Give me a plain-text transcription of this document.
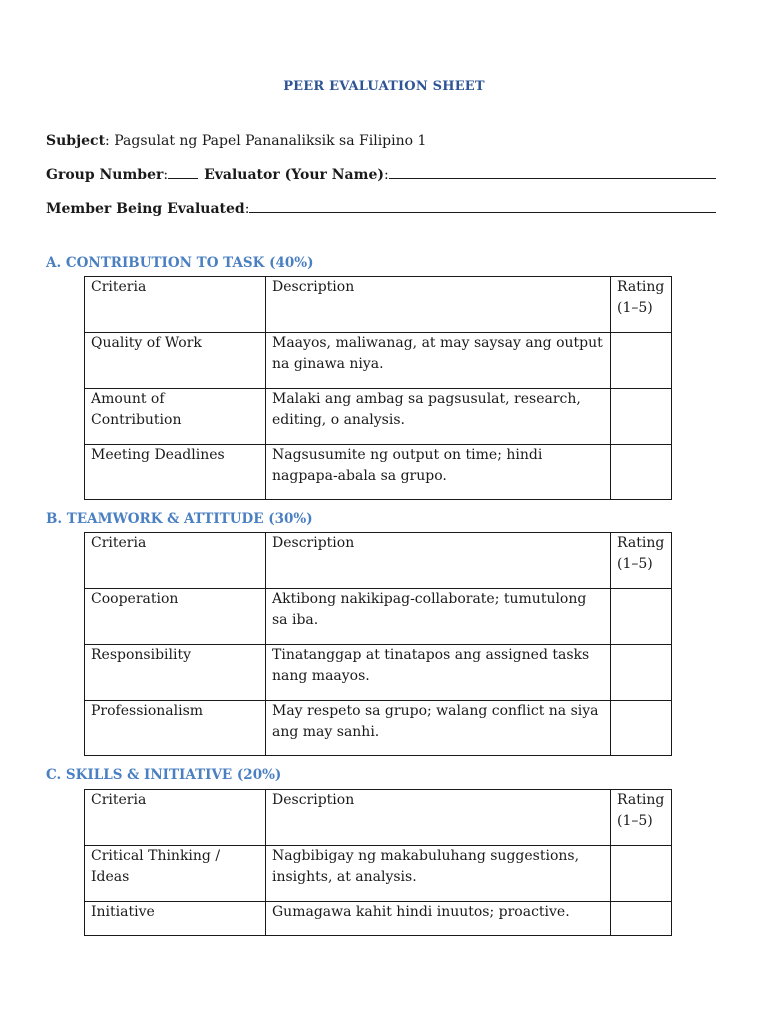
PEER EVALUATION SHEET
Subject : Pagsulat ng Papel Pananaliksik sa Filipino 1
Group Number :	Evaluator (Your Name) :
Member Being Evaluated :
A. CONTRIBUTION TO TASK (40%)
Criteria	Description	Rating (1–5)
Quality of Work	Maayos, maliwanag, at may saysay ang output na ginawa niya.	
Amount of Contribution	Malaki ang ambag sa pagsusulat, research, editing, o analysis.	
Meeting Deadlines	Nagsusumite ng output on time; hindi nagpapa-abala sa grupo.	
B. TEAMWORK & ATTITUDE (30%)
Criteria	Description	Rating (1–5)
Cooperation	Aktibong nakikipag-collaborate; tumutulong sa iba.	
Responsibility	Tinatanggap at tinatapos ang assigned tasks nang maayos.	
Professionalism	May respeto sa grupo; walang conflict na siya ang may sanhi.	
C. SKILLS & INITIATIVE (20%)
Criteria	Description	Rating (1–5)
Critical Thinking / Ideas	Nagbibigay ng makabuluhang suggestions, insights, at analysis.	
Initiative	Gumagawa kahit hindi inuutos; proactive.	
